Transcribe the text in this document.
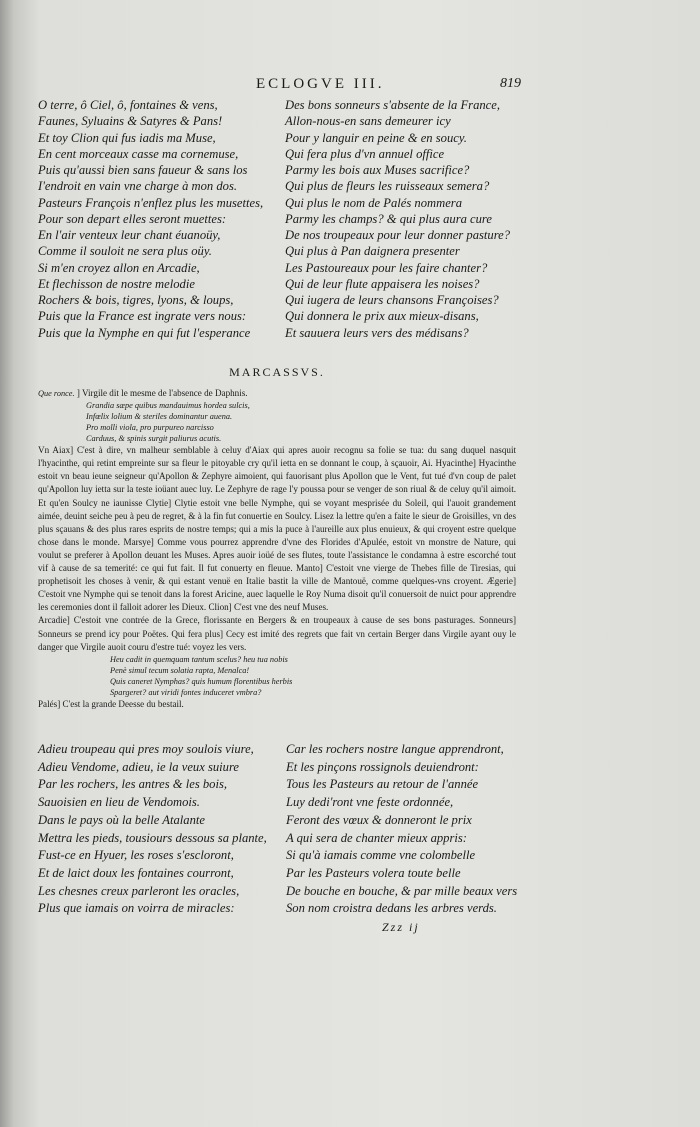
ECLOGVE III.	819
O terre, ô Ciel, ô, fontaines & vens,
Faunes, Syluains & Satyres & Pans!
Et toy Clion qui fus iadis ma Muse,
En cent morceaux casse ma cornemuse,
Puis qu'aussi bien sans faueur & sans los
I'endroit en vain vne charge à mon dos.
Pasteurs François n'enflez plus les musettes,
Pour son depart elles seront muettes:
En l'air venteux leur chant éuanoüy,
Comme il souloit ne sera plus oüy.
Si m'en croyez allon en Arcadie,
Et flechisson de nostre melodie
Rochers & bois, tigres, lyons, & loups,
Puis que la France est ingrate vers nous:
Puis que la Nymphe en qui fut l'esperance
Des bons sonneurs s'absente de la France,
Allon-nous-en sans demeurer icy
Pour y languir en peine & en soucy.
Qui fera plus d'vn annuel office
Parmy les bois aux Muses sacrifice?
Qui plus de fleurs les ruisseaux semera?
Qui plus le nom de Palés nommera
Parmy les champs? & qui plus aura cure
De nos troupeaux pour leur donner pasture?
Qui plus à Pan daignera presenter
Les Pastoureaux pour les faire chanter?
Qui de leur flute appaisera les noises?
Qui iugera de leurs chansons Françoises?
Qui donnera le prix aux mieux-disans,
Et sauuera leurs vers des médisans?
MARCASSVS.
Que ronce. ] Virgile dit le mesme de l'absence de Daphnis.
Grandia sæpe quibus mandauimus hordea sulcis,
Infœlix lolium & steriles dominantur auena.
Pro molli viola, pro purpureo narcisso
Carduus, & spinis surgit paliurus acutis.
Vn Aiax] C'est à dire, vn malheur semblable à celuy d'Aiax qui apres auoir recognu sa folie se tua: du sang duquel nasquit l'hyacinthe, qui retint empreinte sur sa fleur le pitoyable cry qu'il ietta en se donnant le coup, à sçauoir, Ai. Hyacinthe] Hyacinthe estoit vn beau ieune seigneur qu'Apollon & Zephyre aimoient, qui fauorisant plus Apollon que le Vent, fut tué d'vn coup de palet qu'Apollon luy ietta sur la teste ioüant auec luy. Le Zephyre de rage l'y poussa pour se venger de son riual & de celuy qu'il aimoit. Et qu'en Soulcy ne iaunisse Clytie] Clytie estoit vne belle Nymphe, qui se voyant mesprisée du Soleil, qui l'auoit grandement aimée, deuint seiche peu à peu de regret, & à la fin fut conuertie en Soulcy. Lisez la lettre qu'en a faite le sieur de Groisilles, vn des plus sçauans & des plus rares esprits de nostre temps; qui a mis la puce à l'aureille aux plus enuieux, & qui croyent estre quelque chose dans le monde. Marsye] Comme vous pourrez apprendre d'vne des Florides d'Apulée, estoit vn monstre de Nature, qui voulut se preferer à Apollon deuant les Muses. Apres auoir ioüé de ses flutes, toute l'assistance le condamna à estre escorché tout vif à cause de sa temerité: ce qui fut fait. Il fut conuerty en fleuue. Manto] C'estoit vne vierge de Thebes fille de Tiresias, qui prophetisoit les choses à venir, & qui estant venuë en Italie bastit la ville de Mantouë, comme quelques-vns croyent. Ægerie] C'estoit vne Nymphe qui se tenoit dans la forest Aricine, auec laquelle le Roy Numa disoit qu'il conuersoit de nuict pour apprendre les ceremonies dont il falloit adorer les Dieux. Clion] C'est vne des neuf Muses.
Arcadie] C'estoit vne contrée de la Grece, florissante en Bergers & en troupeaux à cause de ses bons pasturages. Sonneurs] Sonneurs se prend icy pour Poëtes. Qui fera plus] Cecy est imité des regrets que fait vn certain Berger dans Virgile ayant ouy le danger que Virgile auoit couru d'estre tué: voyez les vers.
Heu cadit in quemquam tantum scelus? heu tua nobis
Penè simul tecum solatia rapta, Menalca!
Quis caneret Nymphas? quis humum florentibus herbis
Spargeret? aut viridi fontes induceret vmbra?
Palés] C'est la grande Deesse du bestail.
Adieu troupeau qui pres moy soulois viure,
Adieu Vendome, adieu, ie la veux suiure
Par les rochers, les antres & les bois,
Sauoisien en lieu de Vendomois.
Dans le pays où la belle Atalante
Mettra les pieds, tousiours dessous sa plante,
Fust-ce en Hyuer, les roses s'escloront,
Et de laict doux les fontaines courront,
Les chesnes creux parleront les oracles,
Plus que iamais on voirra de miracles:
Car les rochers nostre langue apprendront,
Et les pinçons rossignols deuiendront:
Tous les Pasteurs au retour de l'année
Luy dedi'ront vne feste ordonnée,
Feront des vœux & donneront le prix
A qui sera de chanter mieux appris:
Si qu'à iamais comme vne colombelle
Par les Pasteurs volera toute belle
De bouche en bouche, & par mille beaux vers
Son nom croistra dedans les arbres verds.
Zzz ij
